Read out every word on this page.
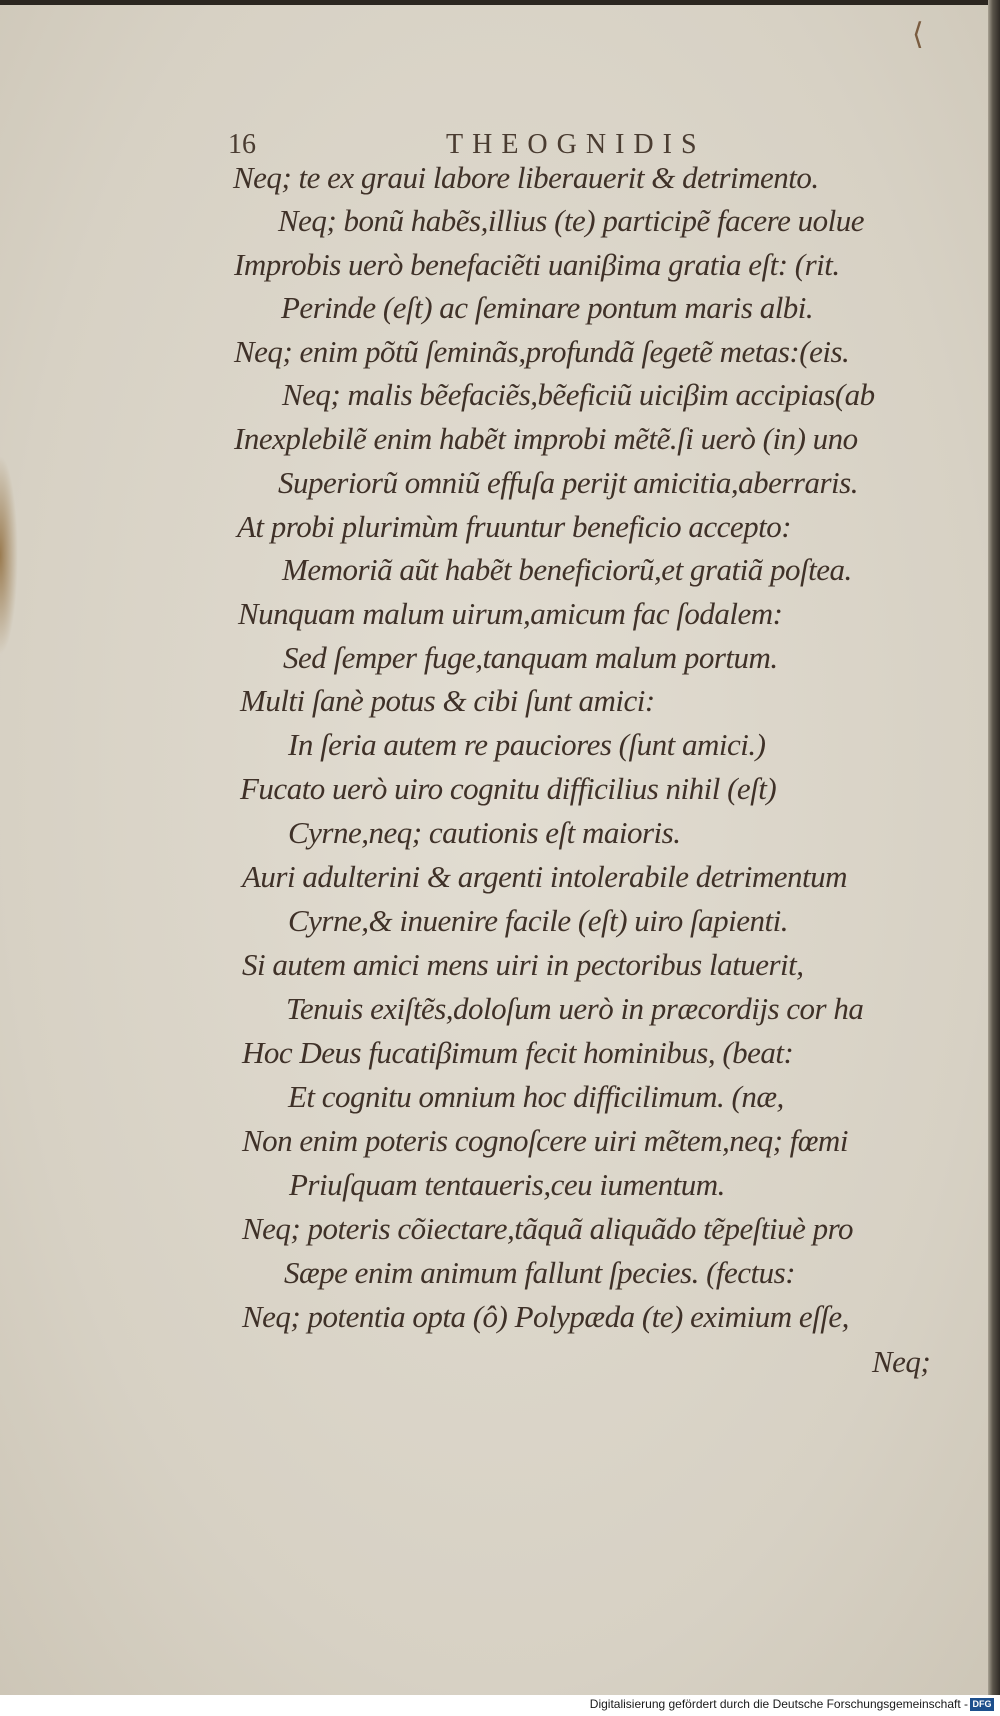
⟨
16	THEOGNIDIS
Neq; te ex graui labore liberauerit & detrimento.
Neq; bonũ habẽs,illius (te) participẽ facere uolue
Improbis uerò benefaciẽti uaniβima gratia eſt: (rit.
Perinde (eſt) ac ſeminare pontum maris albi.
Neq; enim põtũ ſeminãs,profundã ſegetẽ metas:(eis.
Neq; malis bẽefaciẽs,bẽeficiũ uiciβim accipias(ab
Inexplebilẽ enim habẽt improbi mẽtẽ.ſi uerò (in) uno
Superiorũ omniũ effuſa perijt amicitia,aberraris.
At probi plurimùm fruuntur beneficio accepto:
Memoriã aũt habẽt beneficiorũ,et gratiã poſtea.
Nunquam malum uirum,amicum fac ſodalem:
Sed ſemper fuge,tanquam malum portum.
Multi ſanè potus & cibi ſunt amici:
In ſeria autem re pauciores (ſunt amici.)
Fucato uerò uiro cognitu difficilius nihil (eſt)
Cyrne,neq; cautionis eſt maioris.
Auri adulterini & argenti intolerabile detrimentum
Cyrne,& inuenire facile (eſt) uiro ſapienti.
Si autem amici mens uiri in pectoribus latuerit,
Tenuis exiſtẽs,doloſum uerò in præcordijs cor ha
Hoc Deus fucatiβimum fecit hominibus, (beat:
Et cognitu omnium hoc difficilimum. (næ,
Non enim poteris cognoſcere uiri mẽtem,neq; fœmi
Priuſquam tentaueris,ceu iumentum.
Neq; poteris cõiectare,tãquã aliquãdo tẽpeſtiuè pro
Sæpe enim animum fallunt ſpecies. (fectus:
Neq; potentia opta (ô) Polypæda (te) eximium eſſe,
Neq;
Digitalisierung gefördert durch die Deutsche Forschungsgemeinschaft - DFG
